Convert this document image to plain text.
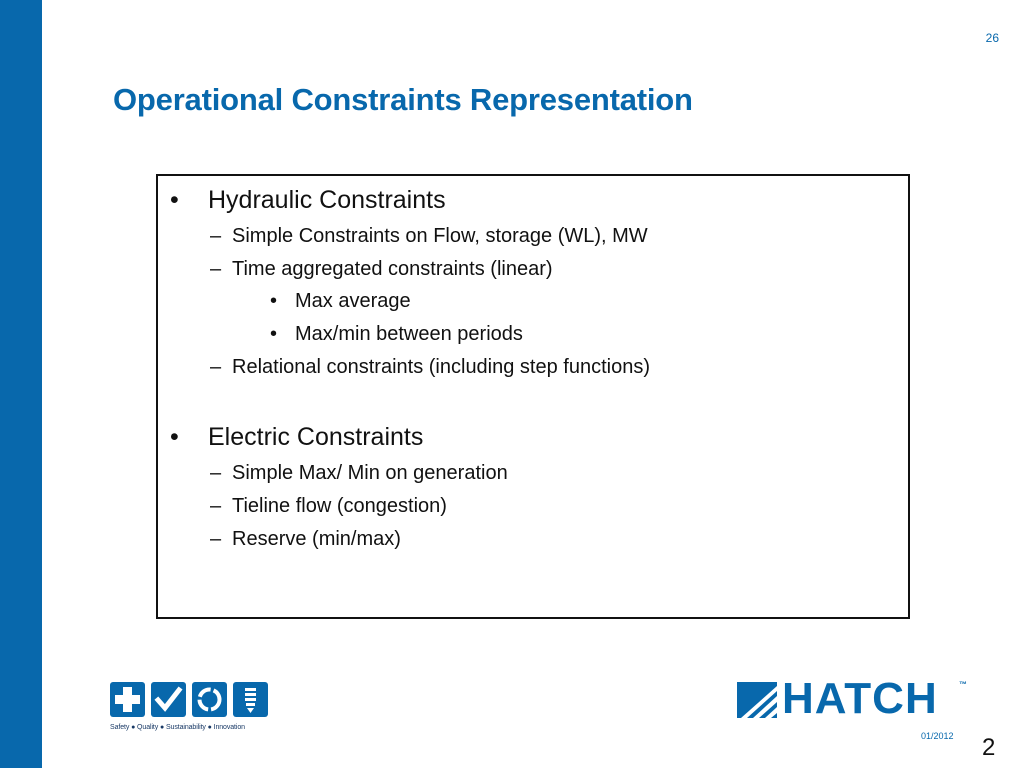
26
Operational Constraints Representation
• Hydraulic Constraints
– Simple Constraints on Flow, storage (WL), MW
– Time aggregated constraints (linear)
• Max average
• Max/min between periods
– Relational constraints (including step functions)
• Electric Constraints
– Simple Max/ Min on generation
– Tieline flow (congestion)
– Reserve (min/max)
Safety ● Quality ● Sustainability ● Innovation
HATCH	™
01/2012 2
